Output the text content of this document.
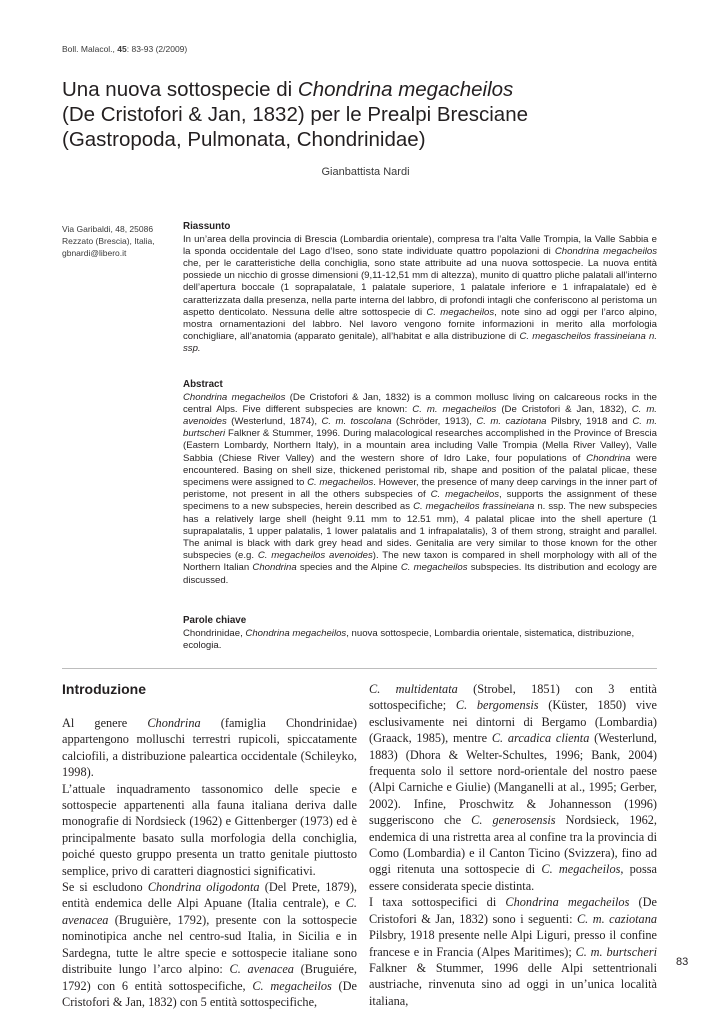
Boll. Malacol., 45: 83-93 (2/2009)
Una nuova sottospecie di Chondrina megacheilos
(De Cristofori & Jan, 1832) per le Prealpi Bresciane
(Gastropoda, Pulmonata, Chondrinidae)
Gianbattista Nardi
Via Garibaldi, 48, 25086
Rezzato (Brescia), Italia,
gbnardi@libero.it
Riassunto

In un’area della provincia di Brescia (Lombardia orientale), compresa tra l’alta Valle Trompia, la Valle Sabbia e la sponda occidentale del Lago d’Iseo, sono state individuate quattro popolazioni di Chondrina megacheilos che, per le caratteristiche della conchiglia, sono state attribuite ad una nuova sottospecie. La nuova entità possiede un nicchio di grosse dimensioni (9,11-12,51 mm di altezza), munito di quattro pliche palatali all’interno dell’apertura boccale (1 soprapalatale, 1 palatale superiore, 1 palatale inferiore e 1 infrapalatale) ed è caratterizzata dalla presenza, nella parte interna del labbro, di profondi intagli che conferiscono al peristoma un aspetto denticolato. Nessuna delle altre sottospecie di C. megacheilos, note sino ad oggi per l’arco alpino, mostra ornamentazioni del labbro. Nel lavoro vengono fornite informazioni in merito alla morfologia conchigliare, all’anatomia (apparato genitale), all’habitat e alla distribuzione di C. megascheilos frassineiana n. ssp.

Abstract

Chondrina megacheilos (De Cristofori & Jan, 1832) is a common mollusc living on calcareous rocks in the central Alps. Five different subspecies are known: C. m. megacheilos (De Cristofori & Jan, 1832), C. m. avenoides (Westerlund, 1874), C. m. toscolana (Schröder, 1913), C. m. caziotana Pilsbry, 1918 and C. m. burtscheri Falkner & Stummer, 1996. During malacological researches accomplished in the Province of Brescia (Eastern Lombardy, Northern Italy), in a mountain area including Valle Trompia (Mella River Valley), Valle Sabbia (Chiese River Valley) and the western shore of Idro Lake, four populations of Chondrina were encountered. Basing on shell size, thickened peristomal rib, shape and position of the palatal plicae, these specimens were assigned to C. megacheilos. However, the presence of many deep carvings in the inner part of peristome, not present in all the others subspecies of C. megacheilos, supports the assignment of these specimens to a new subspecies, herein described as C. megacheilos frassineiana n. ssp. The new subspecies has a relatively large shell (height 9.11 mm to 12.51 mm), 4 palatal plicae into the shell aperture (1 suprapalatalis, 1 upper palatalis, 1 lower palatalis and 1 infrapalatalis), 3 of them strong, straight and parallel. The animal is black with dark grey head and sides. Genitalia are very similar to those known for the other subspecies (e.g. C. megacheilos avenoides). The new taxon is compared in shell morphology with all of the Northern Italian Chondrina species and the Alpine C. megacheilos subspecies. Its distribution and ecology are discussed.

Parole chiave

Chondrinidae, Chondrina megacheilos, nuova sottospecie, Lombardia orientale, sistematica, distribuzione, ecologia.

Introduzione

Al genere Chondrina (famiglia Chondrinidae) appartengono molluschi terrestri rupicoli, spiccatamente calciofili, a distribuzione paleartica occidentale (Schileyko, 1998).

L’attuale inquadramento tassonomico delle specie e sottospecie appartenenti alla fauna italiana deriva dalle monografie di Nordsieck (1962) e Gittenberger (1973) ed è principalmente basato sulla morfologia della conchiglia, poiché questo gruppo presenta un tratto genitale piuttosto semplice, privo di caratteri diagnostici significativi.

Se si escludono Chondrina oligodonta (Del Prete, 1879), entità endemica delle Alpi Apuane (Italia centrale), e C. avenacea (Bruguière, 1792), presente con la sottospecie nominotipica anche nel centro-sud Italia, in Sicilia e in Sardegna, tutte le altre specie e sottospecie italiane sono distribuite lungo l’arco alpino: C. avenacea (Bruguiére, 1792) con 6 entità sottospecifiche, C. megacheilos (De Cristofori & Jan, 1832) con 5 entità sottospecifiche,

C. multidentata (Strobel, 1851) con 3 entità sottospecifiche; C. bergomensis (Küster, 1850) vive esclusivamente nei dintorni di Bergamo (Lombardia) (Graack, 1985), mentre C. arcadica clienta (Westerlund, 1883) (Dhora & Welter-Schultes, 1996; Bank, 2004) frequenta solo il settore nord-orientale del nostro paese (Alpi Carniche e Giulie) (Manganelli at al., 1995; Gerber, 2002). Infine, Proschwitz & Johannesson (1996) suggeriscono che C. generosensis Nordsieck, 1962, endemica di una ristretta area al confine tra la provincia di Como (Lombardia) e il Canton Ticino (Svizzera), fino ad oggi ritenuta una sottospecie di C. megacheilos, possa essere considerata specie distinta.

I taxa sottospecifici di Chondrina megacheilos (De Cristofori & Jan, 1832) sono i seguenti: C. m. caziotana Pilsbry, 1918 presente nelle Alpi Liguri, presso il confine francese e in Francia (Alpes Maritimes); C. m. burtscheri Falkner & Stummer, 1996 delle Alpi settentrionali austriache, rinvenuta sino ad oggi in un’unica località italiana,

83
